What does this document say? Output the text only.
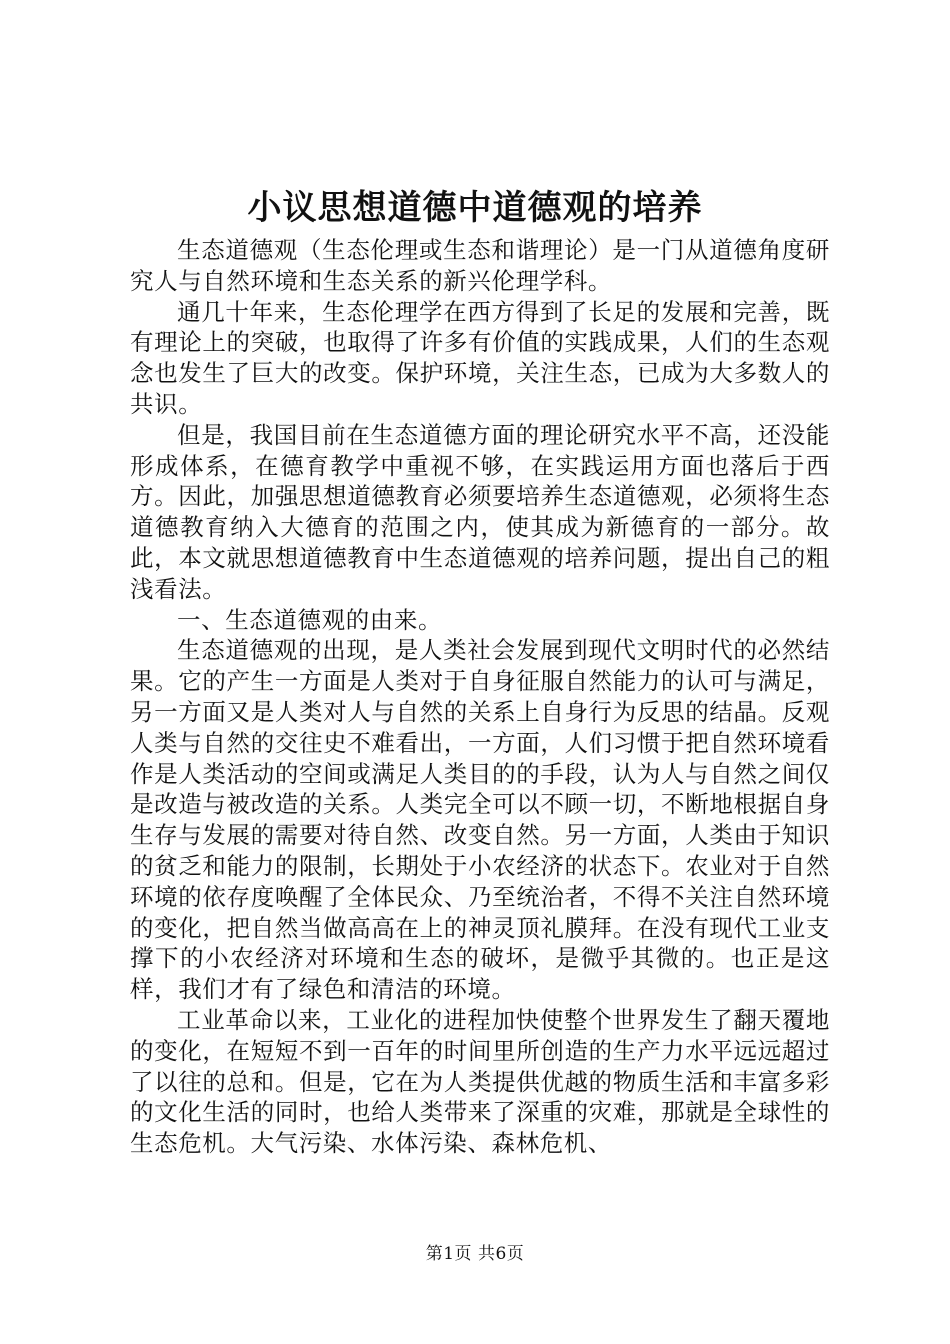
小议思想道德中道德观的培养

生态道德观（生态伦理或生态和谐理论）是一门从道德角度研究人与自然环境和生态关系的新兴伦理学科。

通几十年来，生态伦理学在西方得到了长足的发展和完善，既有理论上的突破，也取得了许多有价值的实践成果，人们的生态观念也发生了巨大的改变。保护环境，关注生态，已成为大多数人的共识。

但是，我国目前在生态道德方面的理论研究水平不高，还没能形成体系，在德育教学中重视不够，在实践运用方面也落后于西方。因此，加强思想道德教育必须要培养生态道德观，必须将生态道德教育纳入大德育的范围之内，使其成为新德育的一部分。故此，本文就思想道德教育中生态道德观的培养问题，提出自己的粗浅看法。

一、生态道德观的由来。

生态道德观的出现，是人类社会发展到现代文明时代的必然结果。它的产生一方面是人类对于自身征服自然能力的认可与满足，另一方面又是人类对人与自然的关系上自身行为反思的结晶。反观人类与自然的交往史不难看出，一方面，人们习惯于把自然环境看作是人类活动的空间或满足人类目的的手段，认为人与自然之间仅是改造与被改造的关系。人类完全可以不顾一切，不断地根据自身生存与发展的需要对待自然、改变自然。另一方面，人类由于知识的贫乏和能力的限制，长期处于小农经济的状态下。农业对于自然环境的依存度唤醒了全体民众、乃至统治者，不得不关注自然环境的变化，把自然当做高高在上的神灵顶礼膜拜。在没有现代工业支撑下的小农经济对环境和生态的破坏，是微乎其微的。也正是这样，我们才有了绿色和清洁的环境。

工业革命以来，工业化的进程加快使整个世界发生了翻天覆地的变化，在短短不到一百年的时间里所创造的生产力水平远远超过了以往的总和。但是，它在为人类提供优越的物质生活和丰富多彩的文化生活的同时，也给人类带来了深重的灾难，那就是全球性的生态危机。大气污染、水体污染、森林危机、

第1页 共6页
